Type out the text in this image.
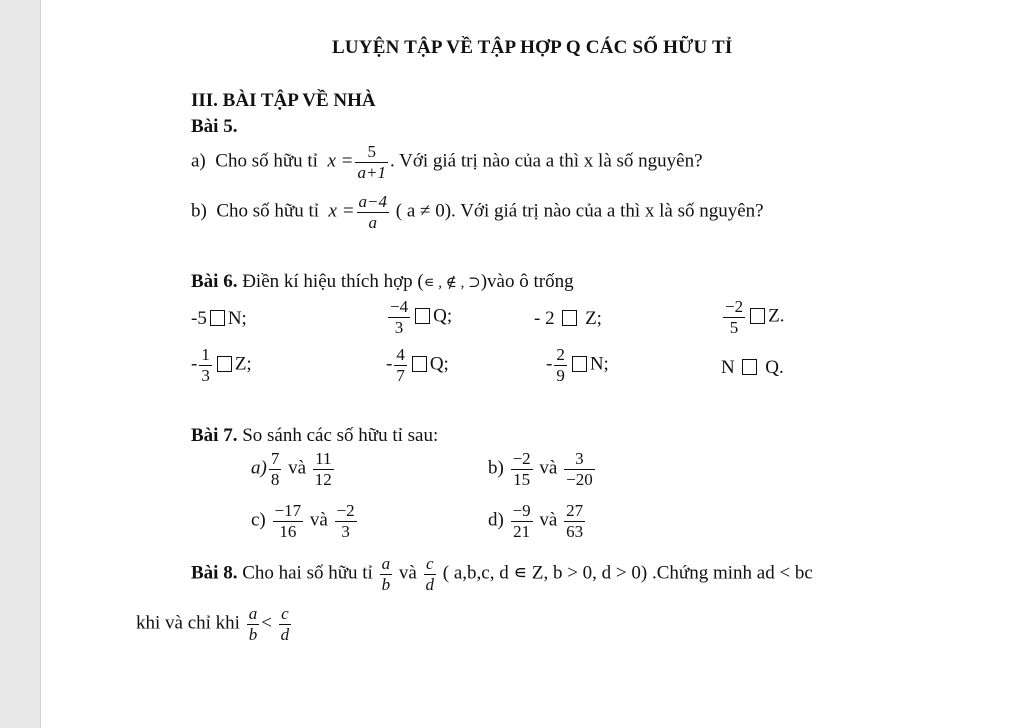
LUYỆN TẬP VỀ TẬP HỢP Q CÁC SỐ HỮU TỈ
III. BÀI TẬP VỀ NHÀ
Bài 5.
a) Cho số hữu tỉ $x = \frac{5}{a+1}$ . Với giá trị nào của a thì x là số nguyên?
b) Cho số hữu tỉ $x = \frac{a-4}{a}$ ( a ≠ 0). Với giá trị nào của a thì x là số nguyên?
Bài 6. Điền kí hiệu thích hợp (∊ , ∉ , ⊃)vào ô trống
-5 N;	$\frac{-4}{3} Q$;	- 2 Z;	$\frac{-2}{5} Z$.
- $\frac{1}{3} Z$;	- $\frac{4}{7} Q$;	- $\frac{2}{9} N$;	N Q.
Bài 7. So sánh các số hữu tỉ sau:
$a) \frac{7}{8}$ và $\frac{11}{12}$	$b) \frac{-2}{15}$ và $\frac{3}{-20}$
$c) \frac{-17}{16}$ và $\frac{-2}{3}$	$d) \frac{-9}{21}$ và $\frac{27}{63}$
Bài 8. Cho hai số hữu tỉ $\frac{a}{b}$ và $\frac{c}{d}$ ( a,b,c, d ∊ Z, b > 0, d > 0) .Chứng minh ad < bc
khi và chỉ khi $\frac{a}{b} < \frac{c}{d}$
